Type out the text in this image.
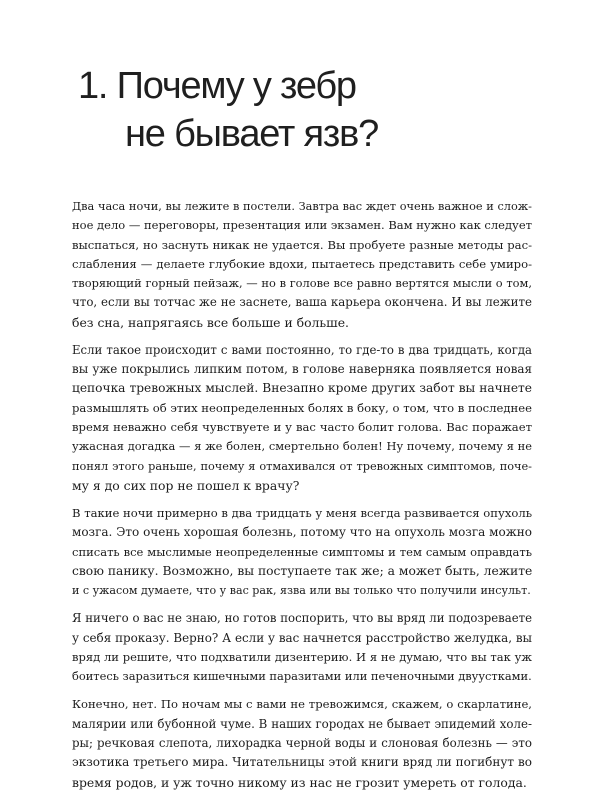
1. Почему у зебр
не бывает язв?

Два часа ночи, вы лежите в постели. Завтра вас ждет очень важное и слож-
ное дело — переговоры, презентация или экзамен. Вам нужно как следует
выспаться, но заснуть никак не удается. Вы пробуете разные методы рас-
слабления — делаете глубокие вдохи, пытаетесь представить себе умиро-
творяющий горный пейзаж, — но в голове все равно вертятся мысли о том,
что, если вы тотчас же не заснете, ваша карьера окончена. И вы лежите
без сна, напрягаясь все больше и больше.

Если такое происходит с вами постоянно, то где-то в два тридцать, когда
вы уже покрылись липким потом, в голове наверняка появляется новая
цепочка тревожных мыслей. Внезапно кроме других забот вы начнете
размышлять об этих неопределенных болях в боку, о том, что в последнее
время неважно себя чувствуете и у вас часто болит голова. Вас поражает
ужасная догадка — я же болен, смертельно болен! Ну почему, почему я не
понял этого раньше, почему я отмахивался от тревожных симптомов, поче-
му я до сих пор не пошел к врачу?

В такие ночи примерно в два тридцать у меня всегда развивается опухоль
мозга. Это очень хорошая болезнь, потому что на опухоль мозга можно
списать все мыслимые неопределенные симптомы и тем самым оправдать
свою панику. Возможно, вы поступаете так же; а может быть, лежите
и с ужасом думаете, что у вас рак, язва или вы только что получили инсульт.

Я ничего о вас не знаю, но готов поспорить, что вы вряд ли подозреваете
у себя проказу. Верно? А если у вас начнется расстройство желудка, вы
вряд ли решите, что подхватили дизентерию. И я не думаю, что вы так уж
боитесь заразиться кишечными паразитами или печеночными двуустками.

Конечно, нет. По ночам мы с вами не тревожимся, скажем, о скарлатине,
малярии или бубонной чуме. В наших городах не бывает эпидемий холе-
ры; речковая слепота, лихорадка черной воды и слоновая болезнь — это
экзотика третьего мира. Читательницы этой книги вряд ли погибнут во
время родов, и уж точно никому из нас не грозит умереть от голода.
